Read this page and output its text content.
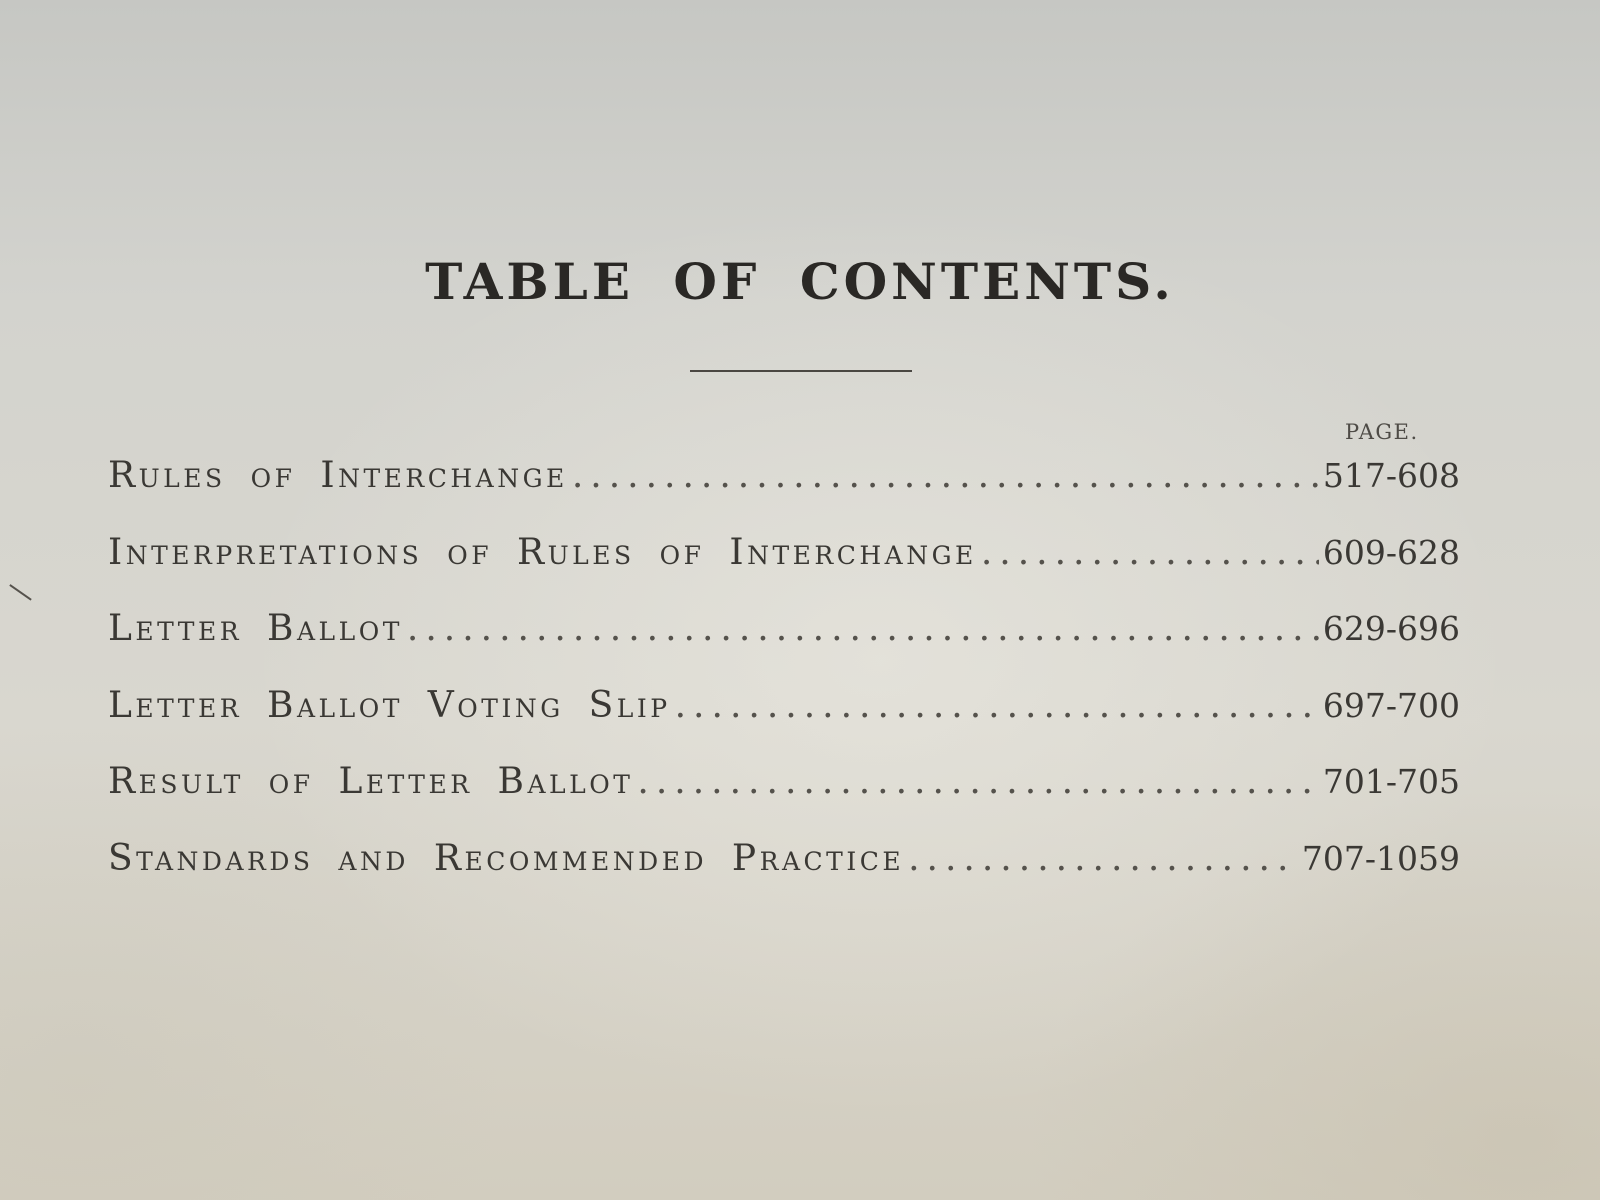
TABLE OF CONTENTS.
PAGE.
Rules of Interchange .....	517-608
Interpretations of Rules of Interchange .....	609-628
Letter Ballot .....	629-696
Letter Ballot Voting Slip .....	697-700
Result of Letter Ballot .....	701-705
Standards and Recommended Practice .....	707-1059
